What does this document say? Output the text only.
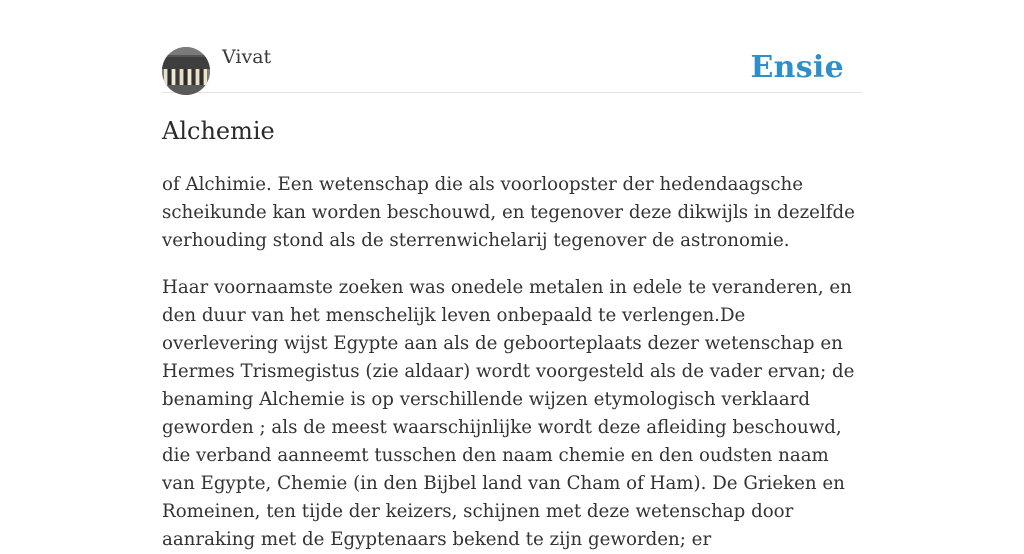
Vivat	Ensie
Alchemie

of Alchimie. Een wetenschap die als voorloopster der hedendaagsche scheikunde kan worden beschouwd, en tegenover deze dikwijls in dezelfde verhouding stond als de sterrenwichelarij tegenover de astronomie.

Haar voornaamste zoeken was onedele metalen in edele te veranderen, en den duur van het menschelijk leven onbepaald te verlengen.De overlevering wijst Egypte aan als de geboorteplaats dezer wetenschap en Hermes Trismegistus (zie aldaar) wordt voorgesteld als de vader ervan; de benaming Alchemie is op verschillende wijzen etymologisch verklaard geworden ; als de meest waarschijnlijke wordt deze afleiding beschouwd, die verband aanneemt tusschen den naam chemie en den oudsten naam van Egypte, Chemie (in den Bijbel land van Cham of Ham). De Grieken en Romeinen, ten tijde der keizers, schijnen met deze wetenschap door aanraking met de Egyptenaars bekend te zijn geworden; er
